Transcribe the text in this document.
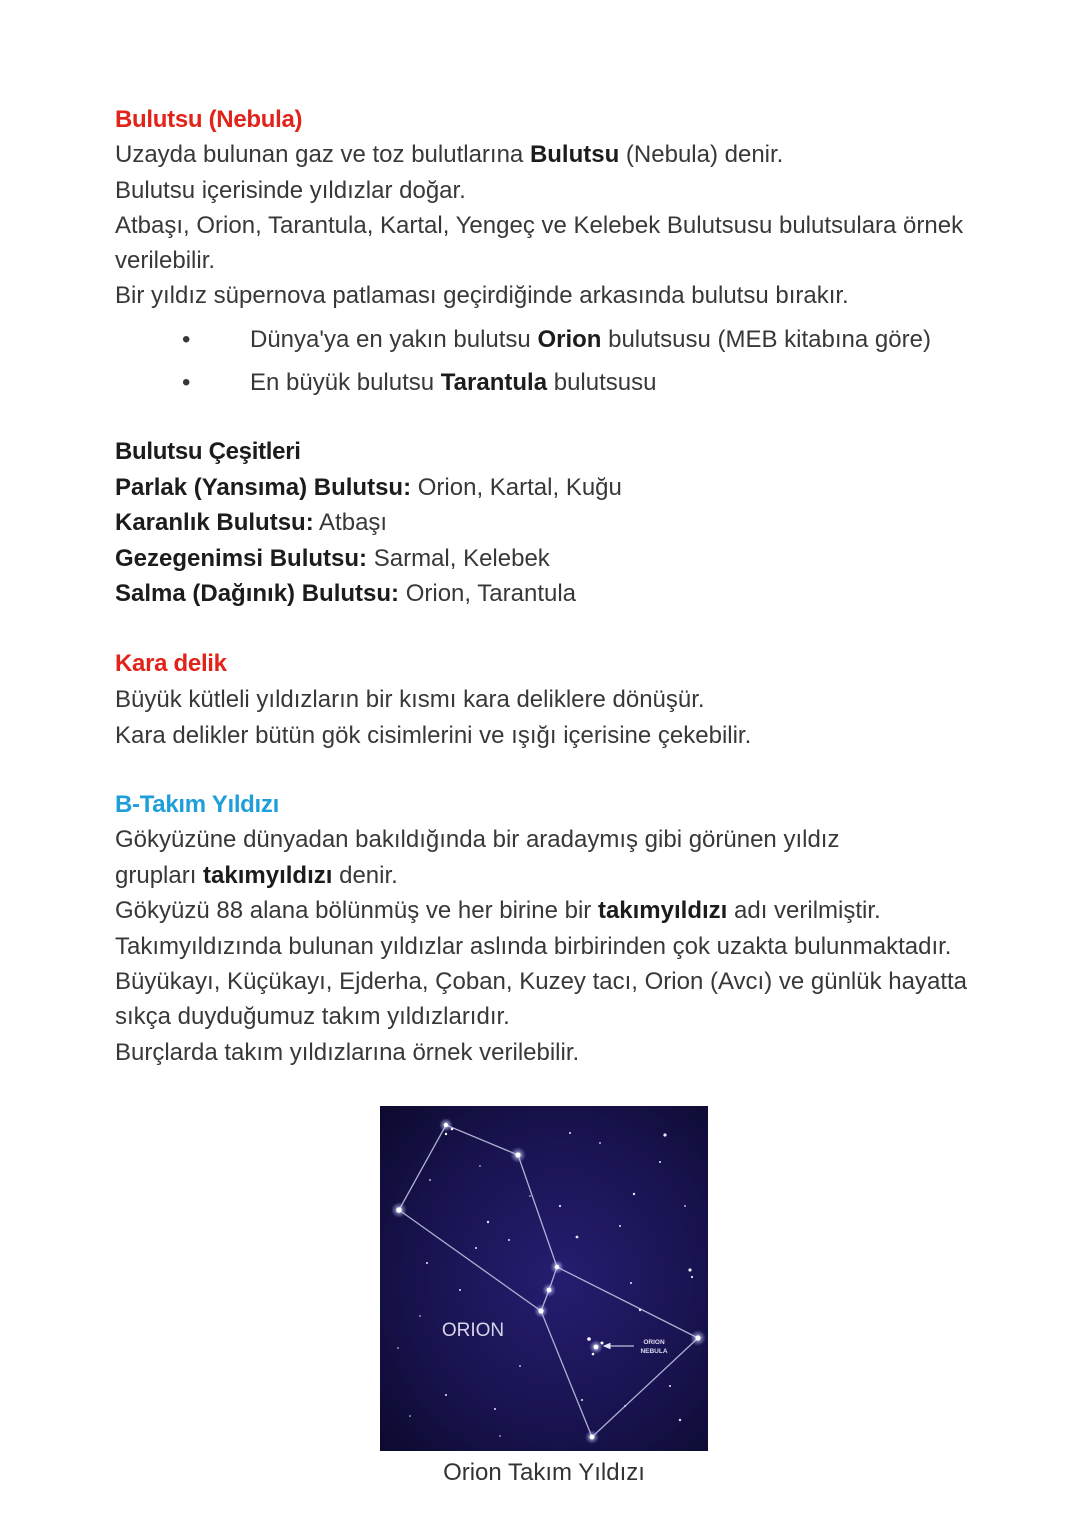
Bulutsu (Nebula)
Uzayda bulunan gaz ve toz bulutlarına Bulutsu (Nebula) denir.
Bulutsu içerisinde yıldızlar doğar.
Atbaşı, Orion, Tarantula, Kartal, Yengeç ve Kelebek Bulutsusu bulutsulara örnek
verilebilir.
Bir yıldız süpernova patlaması geçirdiğinde arkasında bulutsu bırakır.
• Dünya'ya en yakın bulutsu Orion bulutsusu (MEB kitabına göre)
• En büyük bulutsu Tarantula bulutsusu
Bulutsu Çeşitleri
Parlak (Yansıma) Bulutsu: Orion, Kartal, Kuğu
Karanlık Bulutsu: Atbaşı
Gezegenimsi Bulutsu: Sarmal, Kelebek
Salma (Dağınık) Bulutsu: Orion, Tarantula
Kara delik
Büyük kütleli yıldızların bir kısmı kara deliklere dönüşür.
Kara delikler bütün gök cisimlerini ve ışığı içerisine çekebilir.
B-Takım Yıldızı
Gökyüzüne dünyadan bakıldığında bir aradaymış gibi görünen yıldız
grupları takımyıldızı denir.
Gökyüzü 88 alana bölünmüş ve her birine bir takımyıldızı adı verilmiştir.
Takımyıldızında bulunan yıldızlar aslında birbirinden çok uzakta bulunmaktadır.
Büyükayı, Küçükayı, Ejderha, Çoban, Kuzey tacı, Orion (Avcı) ve günlük hayatta
sıkça duyduğumuz takım yıldızlarıdır.
Burçlarda takım yıldızlarına örnek verilebilir.
ORION
ORION
NEBULA
Orion Takım Yıldızı
